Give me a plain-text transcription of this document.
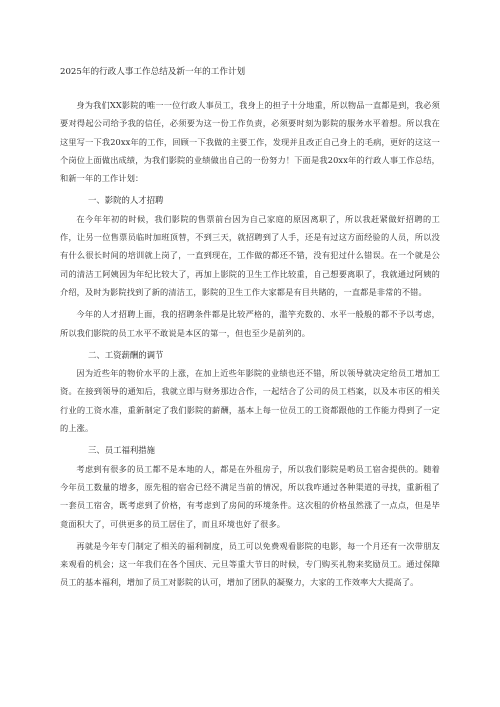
2025年的行政人事工作总结及新一年的工作计划

身为我们XX影院的唯一一位行政人事员工，我身上的担子十分地重，所以物品一直都是到，我必须要对得起公司给予我的信任，必须要为这一份工作负责，必须要时刻为影院的服务水平着想。所以我在这里写一下我20xx年的工作，回顾一下我做的主要工作，发现并且改正自己身上的毛病，更好的这这一个岗位上面做出成绩，为我们影院的业绩做出自己的一份努力！下面是我20xx年的行政人事工作总结，和新一年的工作计划：

一、影院的人才招聘

在今年年初的时候，我们影院的售票前台因为自己家庭的原因离职了，所以我赶紧做好招聘的工作，让另一位售票员临时加班顶替，不到三天，就招聘到了人手，还是有过这方面经验的人员，所以没有什么很长时间的培训就上岗了，一直到现在，工作做的都还不错，没有犯过什么错误。在一个就是公司的清洁工阿姨因为年纪比较大了，再加上影院的卫生工作比较重，自己想要离职了，我就通过阿姨的介绍，及时为影院找到了新的清洁工，影院的卫生工作大家都是有目共睹的，一直都是非常的不错。

今年的人才招聘上面，我的招聘条件都是比较严格的，滥竽充数的、水平一般般的都不予以考虑，所以我们影院的员工水平不敢说是本区的第一，但也至少是前列的。

二、工资薪酬的调节

因为近些年的物价水平的上涨，在加上近些年影院的业绩也还不错，所以领导就决定给员工增加工资。在接到领导的通知后，我就立即与财务那边合作，一起结合了公司的员工档案，以及本市区的相关行业的工资水准，重新制定了我们影院的薪酬，基本上每一位员工的工资都跟他的工作能力得到了一定的上涨。

三、员工福利措施

考虑到有很多的员工都不是本地的人，都是在外租房子，所以我们影院是哟员工宿舍提供的。随着今年员工数量的增多，原先租的宿舍已经不满足当前的情况，所以我咋通过各种渠道的寻找，重新租了一套员工宿舍，既考虑到了价格，有考虑到了房间的环境条件。这次租的价格虽然涨了一点点，但是毕竟面积大了，可供更多的员工居住了，而且环境也好了很多。

再就是今年专门制定了相关的福利制度，员工可以免费观看影院的电影，每一个月还有一次带朋友来观看的机会；这一年我们在各个国庆、元旦等重大节日的时候，专门购买礼物来奖励员工。通过保障员工的基本福利，增加了员工对影院的认可，增加了团队的凝聚力，大家的工作效率大大提高了。
